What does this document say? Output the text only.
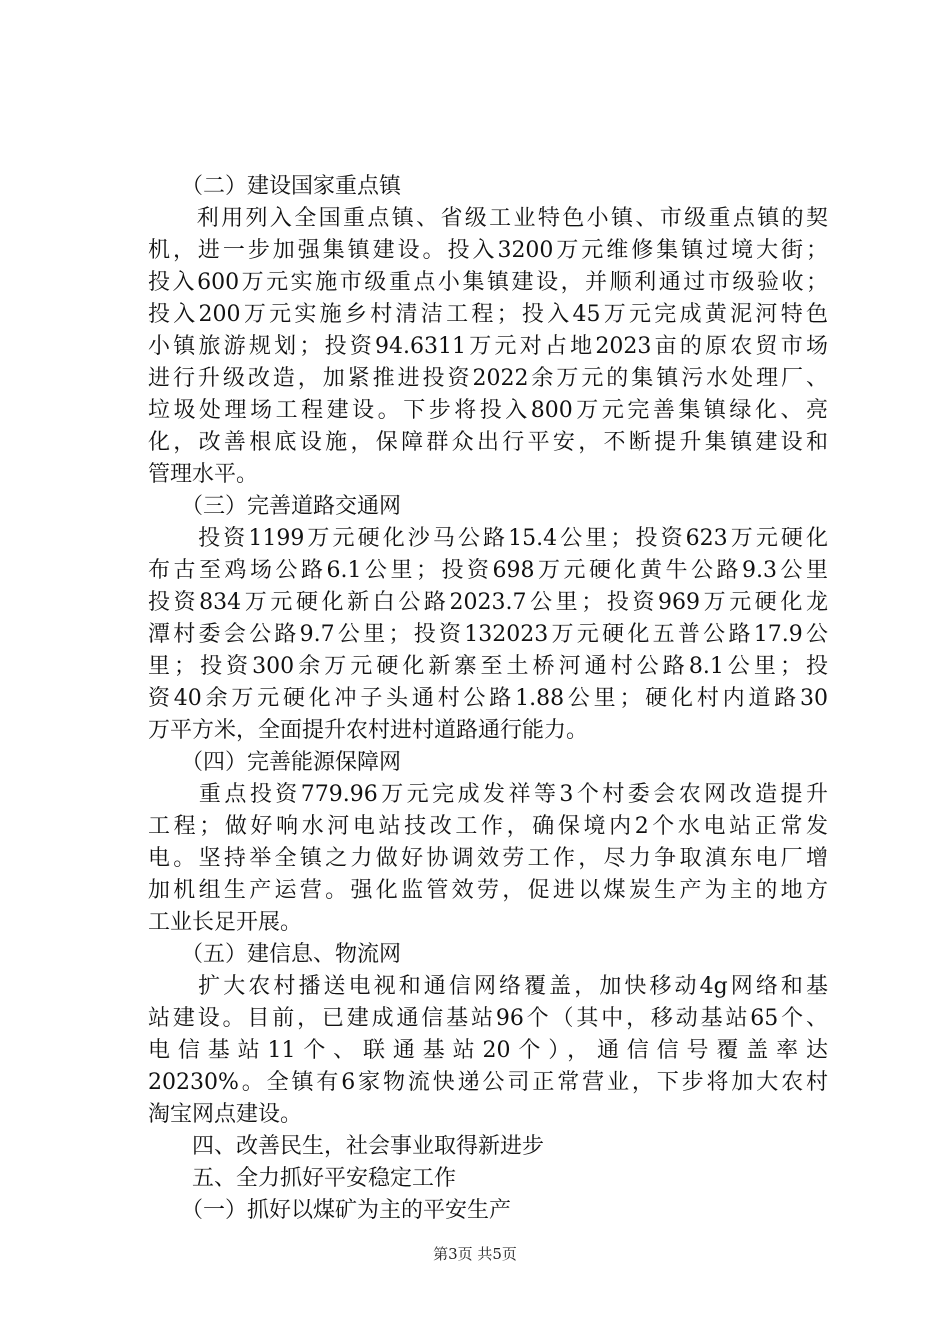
　　（二）建设国家重点镇
　　利用列入全国重点镇、省级工业特色小镇、市级重点镇的契
机，进一步加强集镇建设。投入3200万元维修集镇过境大街；
投入600万元实施市级重点小集镇建设，并顺利通过市级验收；
投入200万元实施乡村清洁工程；投入45万元完成黄泥河特色
小镇旅游规划；投资94.6311万元对占地2023亩的原农贸市场
进行升级改造，加紧推进投资2022余万元的集镇污水处理厂、
垃圾处理场工程建设。下步将投入800万元完善集镇绿化、亮
化，改善根底设施，保障群众出行平安，不断提升集镇建设和
管理水平。
　　（三）完善道路交通网
　　投资1199万元硬化沙马公路15.4公里；投资623万元硬化
布古至鸡场公路6.1公里；投资698万元硬化黄牛公路9.3公里
投资834万元硬化新白公路2023.7公里；投资969万元硬化龙
潭村委会公路9.7公里；投资132023万元硬化五普公路17.9公
里；投资300余万元硬化新寨至土桥河通村公路8.1公里；投
资40余万元硬化冲子头通村公路1.88公里；硬化村内道路30
万平方米，全面提升农村进村道路通行能力。
　　（四）完善能源保障网
　　重点投资779.96万元完成发祥等3个村委会农网改造提升
工程；做好响水河电站技改工作，确保境内2个水电站正常发
电。坚持举全镇之力做好协调效劳工作，尽力争取滇东电厂增
加机组生产运营。强化监管效劳，促进以煤炭生产为主的地方
工业长足开展。
　　（五）建信息、物流网
　　扩大农村播送电视和通信网络覆盖，加快移动4g网络和基
站建设。目前，已建成通信基站96个（其中，移动基站65个、
电信基站11个、联通基站20个），通信信号覆盖率达
20230%。全镇有6家物流快递公司正常营业，下步将加大农村
淘宝网点建设。
　　四、改善民生，社会事业取得新进步
　　五、全力抓好平安稳定工作
　　（一）抓好以煤矿为主的平安生产
第3页 共5页
